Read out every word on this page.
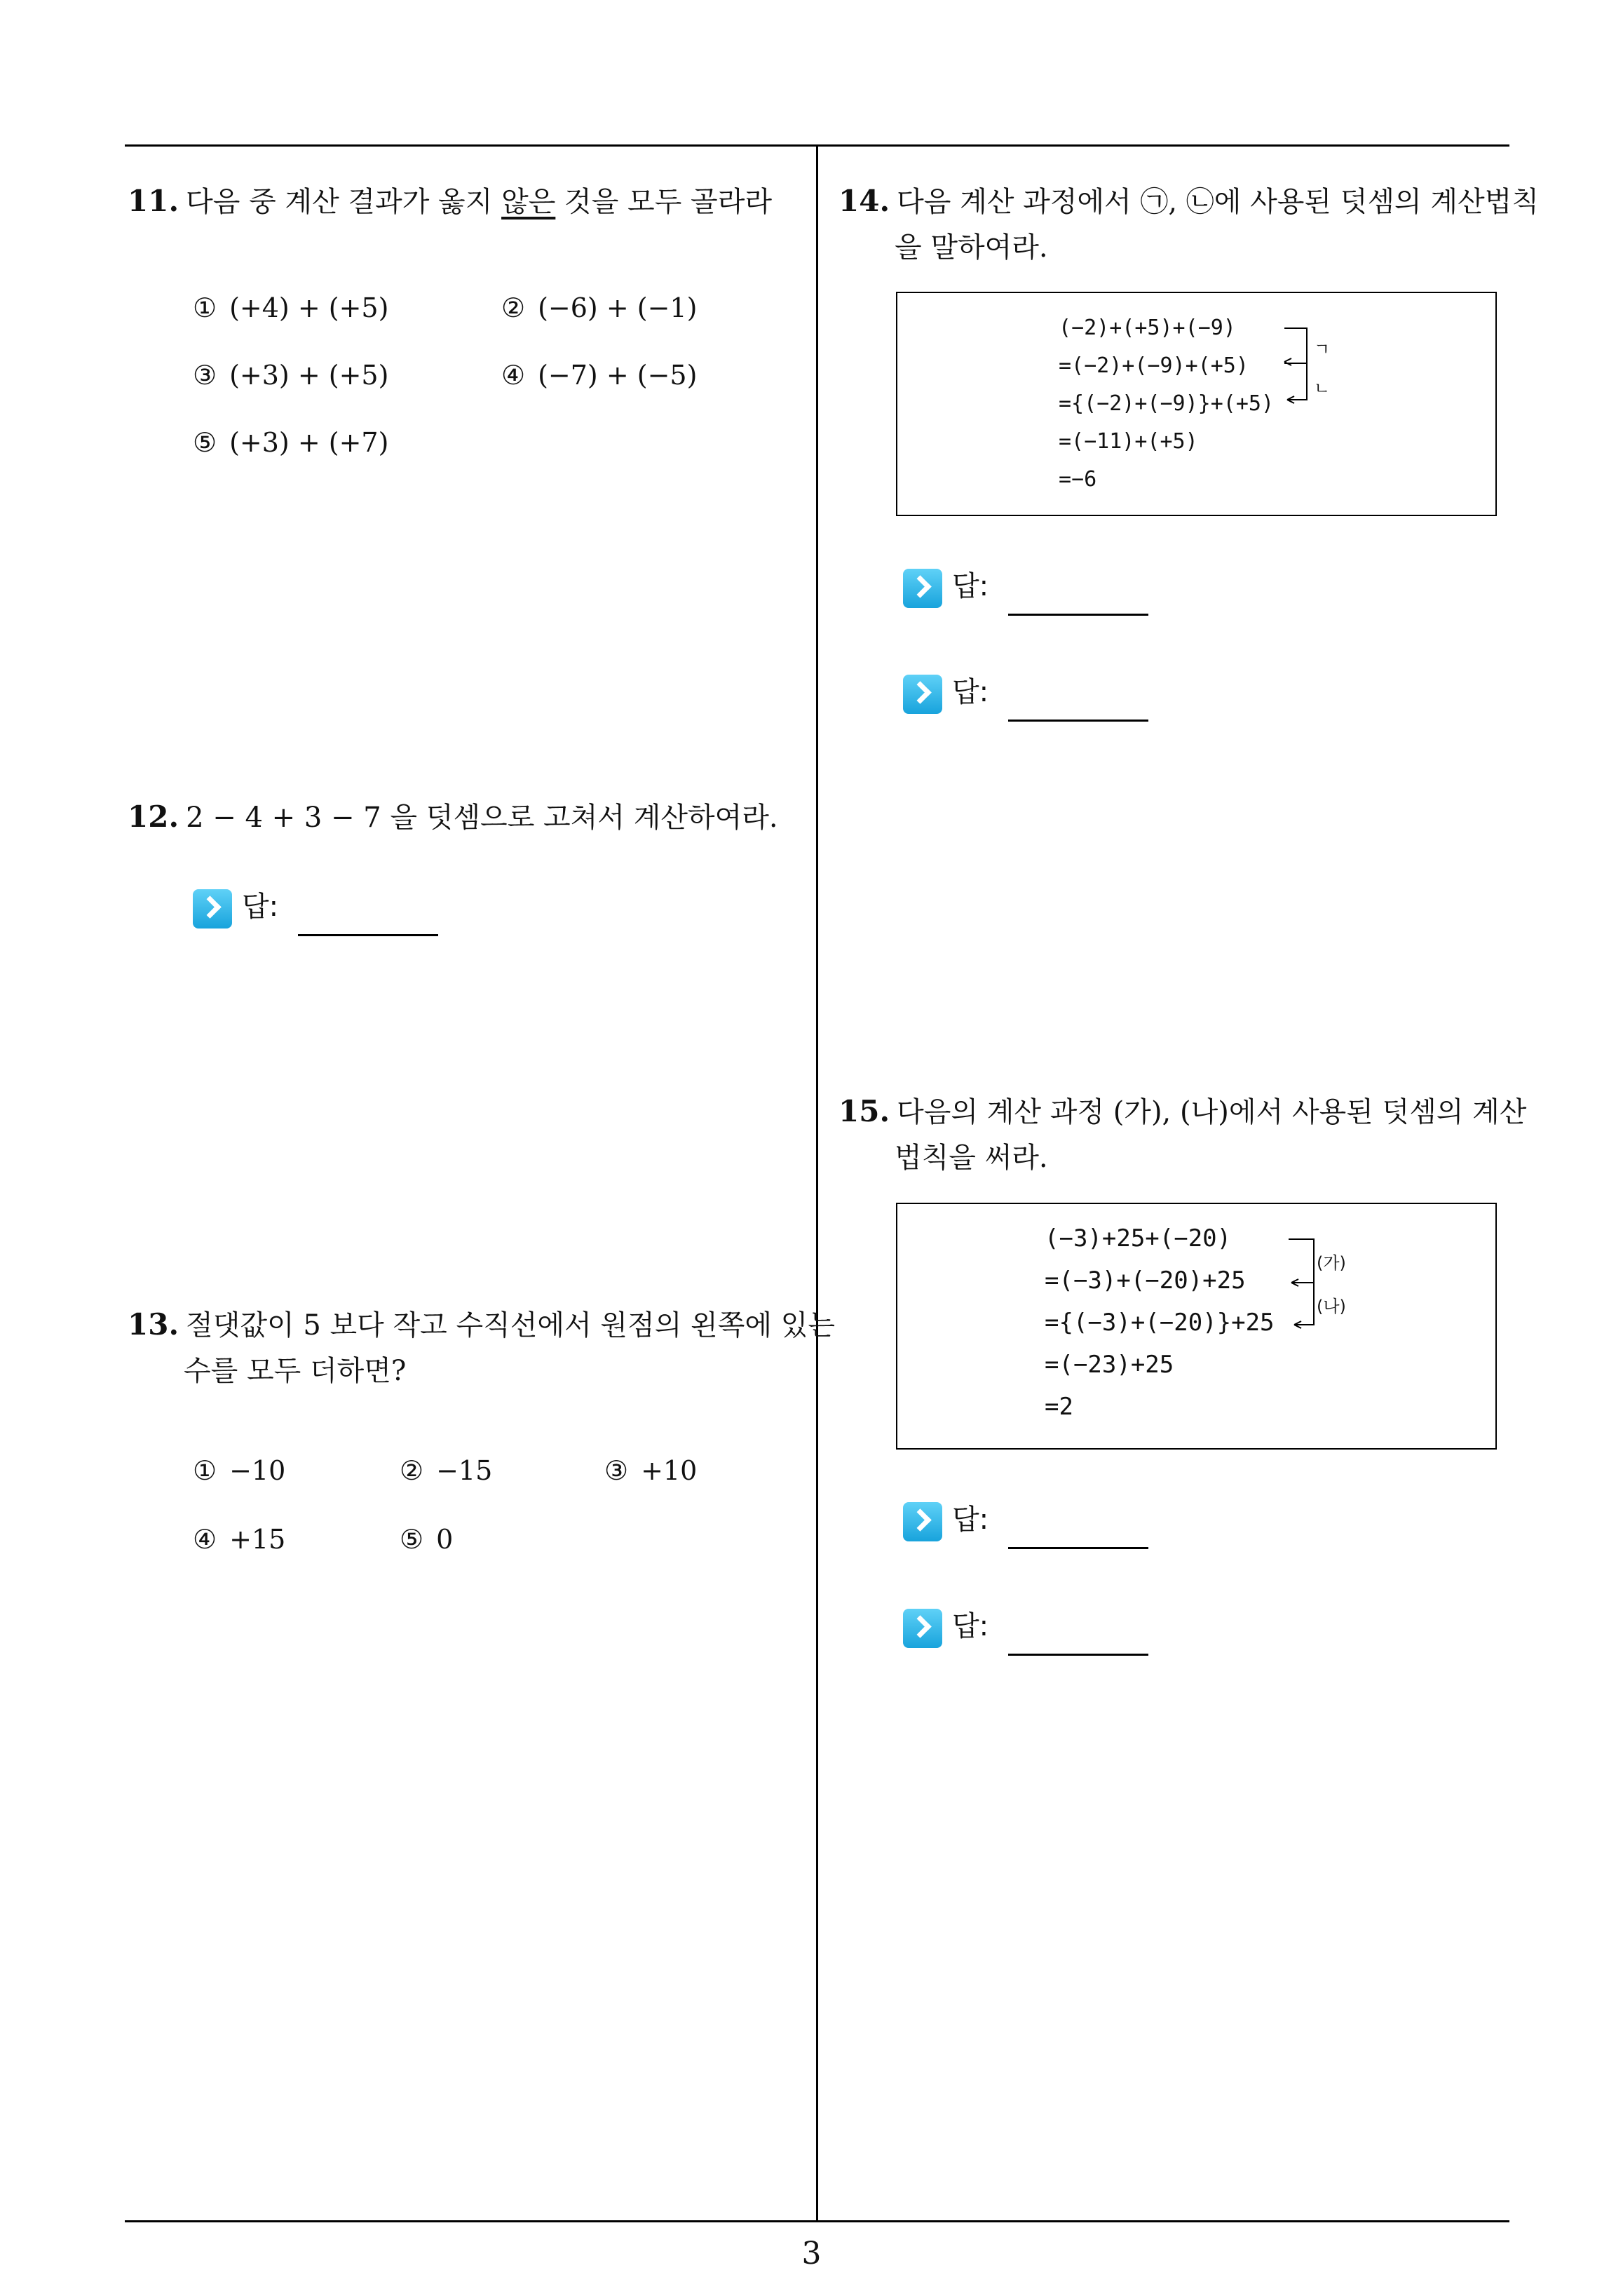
11. 다음 중 계산 결과가 옳지 않은 것을 모두 골라라
① (+4) + (+5)	② (−6) + (−1)
③ (+3) + (+5)	④ (−7) + (−5)
⑤ (+3) + (+7)
12. 2 − 4 + 3 − 7 을 덧셈으로 고쳐서 계산하여라.
답:
13. 절댓값이 5 보다 작고 수직선에서 원점의 왼쪽에 있는
수를 모두 더하면?
① −10	② −15	③ +10
④ +15	⑤ 0
14. 다음 계산 과정에서 ㉠, ㉡에 사용된 덧셈의 계산법칙
을 말하여라.
(−2)+(+5)+(−9)
=(−2)+(−9)+(+5)
={(−2)+(−9)}+(+5)
=(−11)+(+5)
=−6
ㄱ
ㄴ
답:
답:
15. 다음의 계산 과정 (가), (나)에서 사용된 덧셈의 계산
법칙을 써라.
(−3)+25+(−20)
=(−3)+(−20)+25
={(−3)+(−20)}+25
=(−23)+25
=2
(가)
(나)
답:
답:
3
